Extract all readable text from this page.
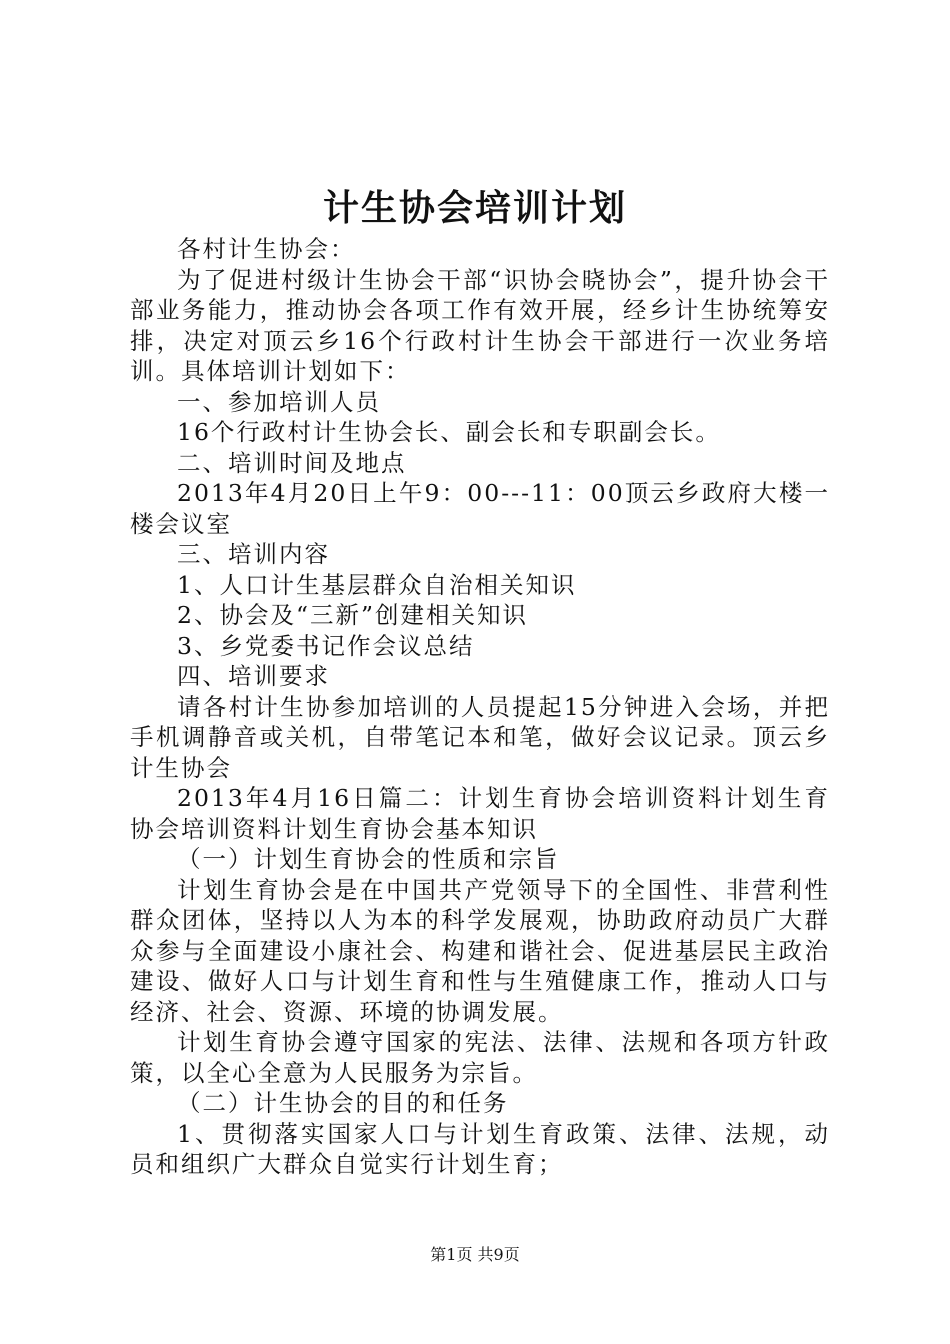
计生协会培训计划

各村计生协会：

为了促进村级计生协会干部“识协会晓协会”，提升协会干部业务能力，推动协会各项工作有效开展，经乡计生协统筹安排，决定对顶云乡16个行政村计生协会干部进行一次业务培训。具体培训计划如下：

一、参加培训人员

16个行政村计生协会长、副会长和专职副会长。

二、培训时间及地点

2013年4月20日上午9：00---11：00顶云乡政府大楼一楼会议室

三、培训内容

1、人口计生基层群众自治相关知识

2、协会及“三新”创建相关知识

3、乡党委书记作会议总结

四、培训要求

请各村计生协参加培训的人员提起15分钟进入会场，并把手机调静音或关机，自带笔记本和笔，做好会议记录。顶云乡计生协会

2013年4月16日篇二：计划生育协会培训资料计划生育协会培训资料计划生育协会基本知识

（一）计划生育协会的性质和宗旨

计划生育协会是在中国共产党领导下的全国性、非营利性群众团体，坚持以人为本的科学发展观，协助政府动员广大群众参与全面建设小康社会、构建和谐社会、促进基层民主政治建设、做好人口与计划生育和性与生殖健康工作，推动人口与经济、社会、资源、环境的协调发展。

计划生育协会遵守国家的宪法、法律、法规和各项方针政策，以全心全意为人民服务为宗旨。

（二）计生协会的目的和任务

1、贯彻落实国家人口与计划生育政策、法律、法规，动员和组织广大群众自觉实行计划生育；

第1页 共9页
